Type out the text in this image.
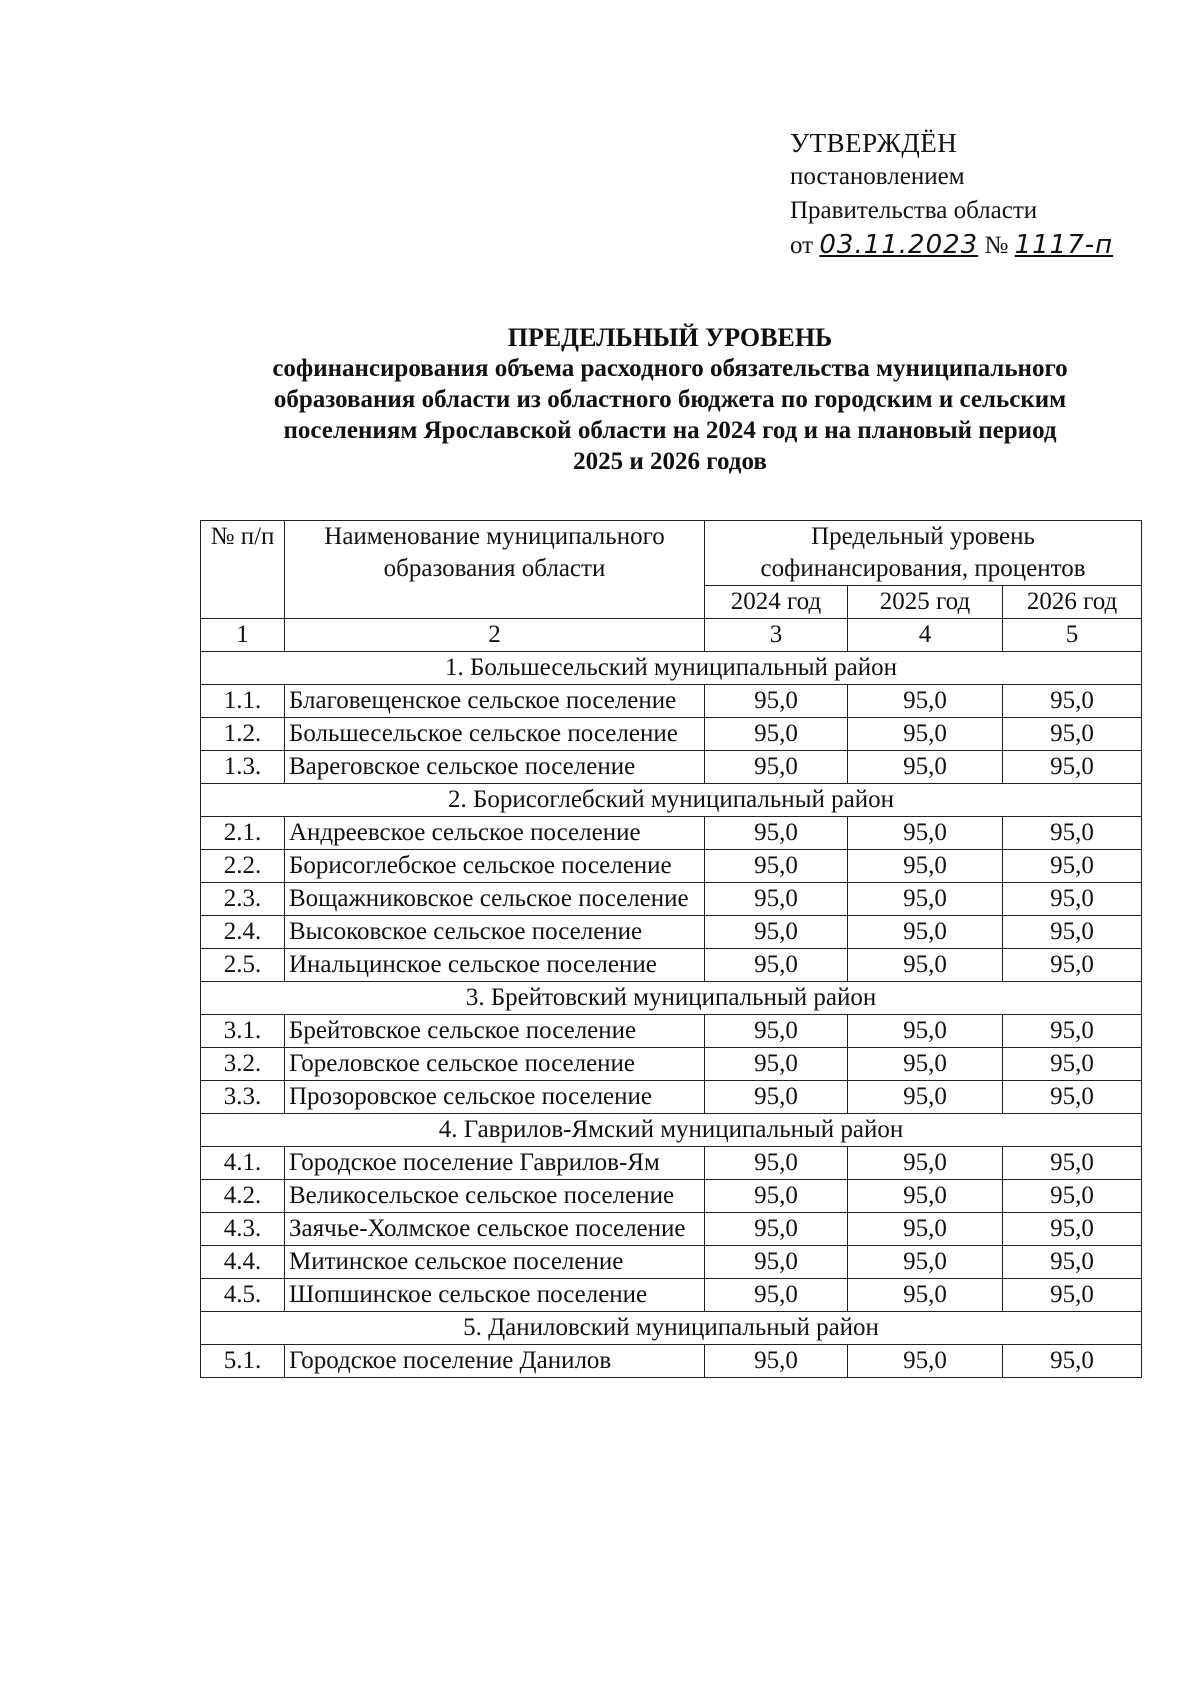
УТВЕРЖДЁН
постановлением
Правительства области
от 03.11.2023 № 1117-п
ПРЕДЕЛЬНЫЙ УРОВЕНЬ
софинансирования объема расходного обязательства муниципального
образования области из областного бюджета по городским и сельским
поселениям Ярославской области на 2024 год и на плановый период
2025 и 2026 годов
№ п/п	Наименование муниципального образования области	Предельный уровень софинансирования, процентов		
		2024 год	2025 год	2026 год
1	2	3	4	5
1. Большесельский муниципальный район				
1.1.	Благовещенское сельское поселение	95,0	95,0	95,0
1.2.	Большесельское сельское поселение	95,0	95,0	95,0
1.3.	Вареговское сельское поселение	95,0	95,0	95,0
2. Борисоглебский муниципальный район				
2.1.	Андреевское сельское поселение	95,0	95,0	95,0
2.2.	Борисоглебское сельское поселение	95,0	95,0	95,0
2.3.	Вощажниковское сельское поселение	95,0	95,0	95,0
2.4.	Высоковское сельское поселение	95,0	95,0	95,0
2.5.	Инальцинское сельское поселение	95,0	95,0	95,0
3. Брейтовский муниципальный район				
3.1.	Брейтовское сельское поселение	95,0	95,0	95,0
3.2.	Гореловское сельское поселение	95,0	95,0	95,0
3.3.	Прозоровское сельское поселение	95,0	95,0	95,0
4. Гаврилов-Ямский муниципальный район				
4.1.	Городское поселение Гаврилов-Ям	95,0	95,0	95,0
4.2.	Великосельское сельское поселение	95,0	95,0	95,0
4.3.	Заячье-Холмское сельское поселение	95,0	95,0	95,0
4.4.	Митинское сельское поселение	95,0	95,0	95,0
4.5.	Шопшинское сельское поселение	95,0	95,0	95,0
5. Даниловский муниципальный район				
5.1.	Городское поселение Данилов	95,0	95,0	95,0
